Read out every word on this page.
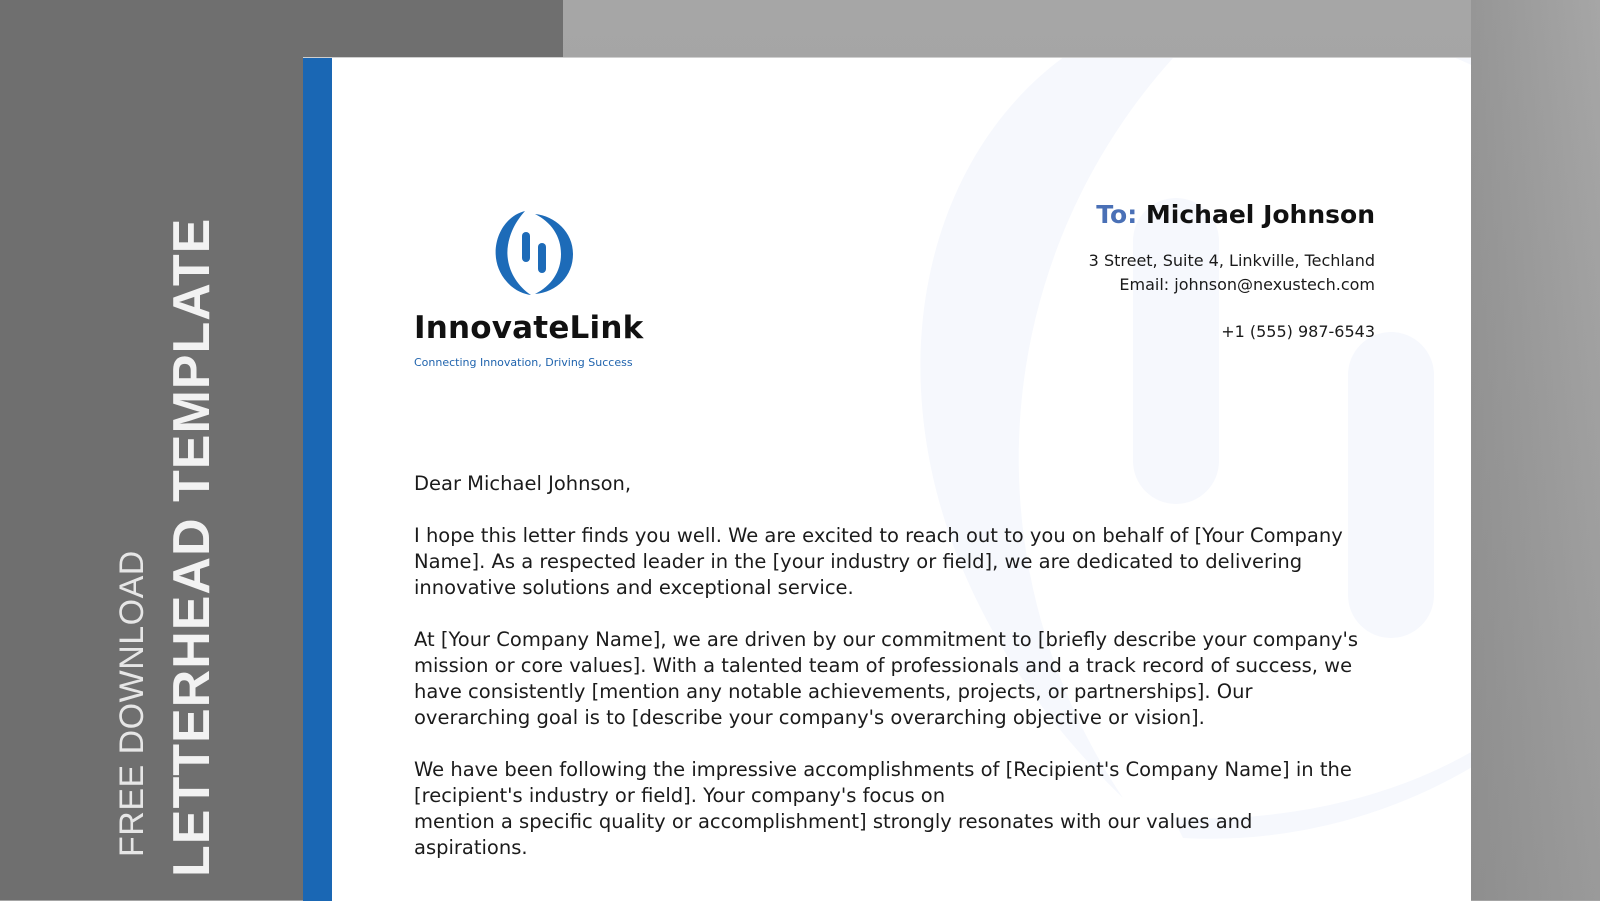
FREE DOWNLOAD LETTERHEAD TEMPLATE	InnovateLink
Connecting Innovation, Driving Success
To: Michael Johnson
3 Street, Suite 4, Linkville, Techland
Email: johnson@nexustech.com
+1 (555) 987-6543

Dear Michael Johnson,

I hope this letter finds you well. We are excited to reach out to you on behalf of [Your Company
Name]. As a respected leader in the [your industry or field], we are dedicated to delivering
innovative solutions and exceptional service.

At [Your Company Name], we are driven by our commitment to [briefly describe your company's
mission or core values]. With a talented team of professionals and a track record of success, we
have consistently [mention any notable achievements, projects, or partnerships]. Our
overarching goal is to [describe your company's overarching objective or vision].

We have been following the impressive accomplishments of [Recipient's Company Name] in the
[recipient's industry or field]. Your company's focus on
mention a specific quality or accomplishment] strongly resonates with our values and
aspirations.
